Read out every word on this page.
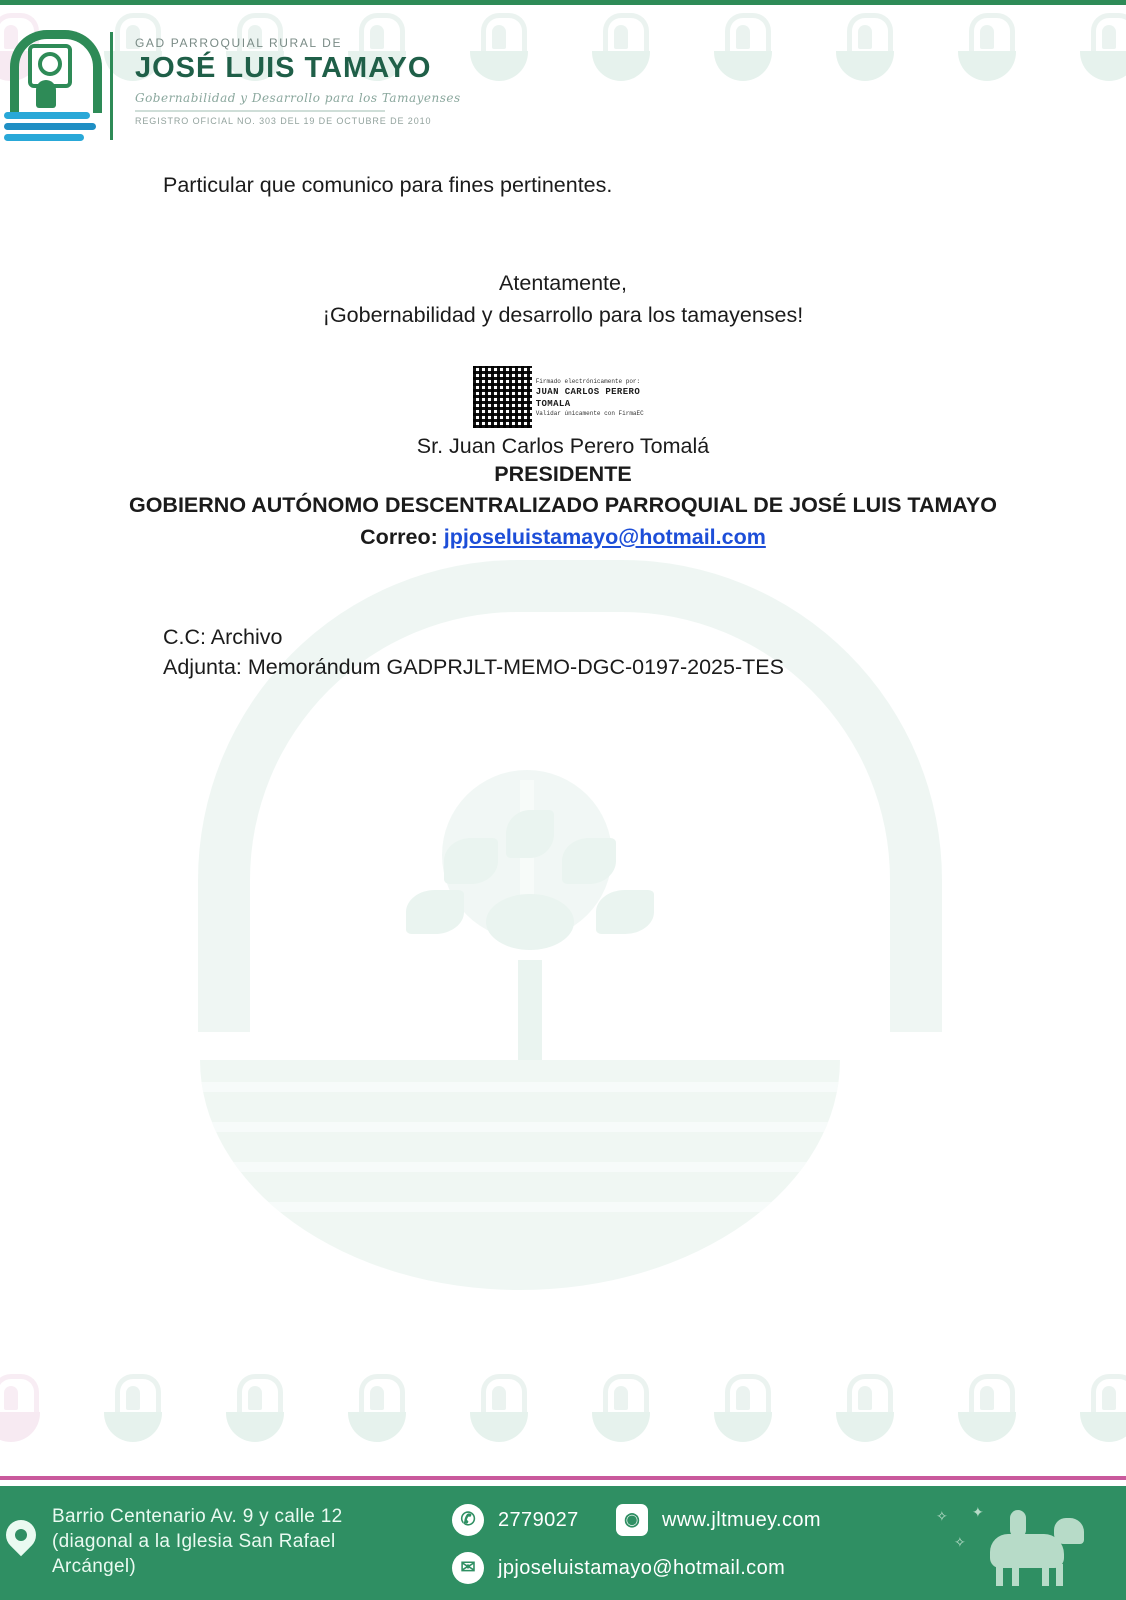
GAD PARROQUIAL RURAL DE
JOSÉ LUIS TAMAYO
Gobernabilidad y Desarrollo para los Tamayenses
REGISTRO OFICIAL NO. 303 DEL 19 DE OCTUBRE DE 2010

Particular que comunico para fines pertinentes.

Atentamente,

¡Gobernabilidad y desarrollo para los tamayenses!

Firmado electrónicamente por:
JUAN CARLOS PERERO TOMALA
Validar únicamente con FirmaEC

Sr. Juan Carlos Perero Tomalá

PRESIDENTE

GOBIERNO AUTÓNOMO DESCENTRALIZADO PARROQUIAL DE JOSÉ LUIS TAMAYO

Correo: jpjoseluistamayo@hotmail.com

C.C: Archivo
Adjunta: Memorándum GADPRJLT-MEMO-DGC-0197-2025-TES
Barrio Centenario Av. 9 y calle 12
(diagonal a la Iglesia San Rafael
Arcángel)
✆	2779027	◉	www.jltmuey.com
✉	jpjoseluistamayo@hotmail.com
✧ ✦
✧
